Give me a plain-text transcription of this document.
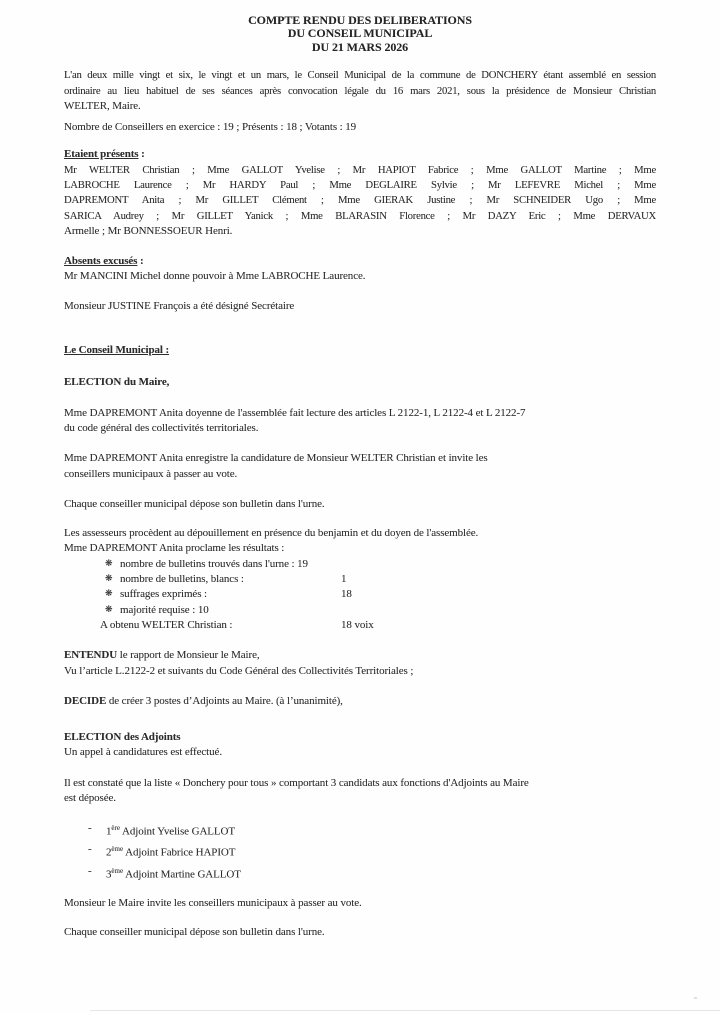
COMPTE RENDU DES DELIBERATIONS
DU CONSEIL MUNICIPAL
DU 21 MARS 2026
L'an deux mille vingt et six, le vingt et un mars, le Conseil Municipal de la commune de DONCHERY étant assemblé en session
ordinaire au lieu habituel de ses séances après convocation légale du 16 mars 2021, sous la présidence de Monsieur Christian
WELTER, Maire.
Nombre de Conseillers en exercice : 19 ; Présents : 18 ; Votants : 19
Etaient présents :
Mr WELTER Christian ; Mme GALLOT Yvelise ; Mr HAPIOT Fabrice ; Mme GALLOT Martine ; Mme
LABROCHE Laurence ; Mr HARDY Paul ; Mme DEGLAIRE Sylvie ; Mr LEFEVRE Michel ; Mme
DAPREMONT Anita ; Mr GILLET Clément ; Mme GIERAK Justine ; Mr SCHNEIDER Ugo ; Mme
SARICA Audrey ; Mr GILLET Yanick ; Mme BLARASIN Florence ; Mr DAZY Eric ; Mme DERVAUX
Armelle ; Mr BONNESSOEUR Henri.
Absents excusés :
Mr MANCINI Michel donne pouvoir à Mme LABROCHE Laurence.
Monsieur JUSTINE François a été désigné Secrétaire
Le Conseil Municipal :
ELECTION du Maire,
Mme DAPREMONT Anita doyenne de l'assemblée fait lecture des articles L 2122-1, L 2122-4 et L 2122-7
du code général des collectivités territoriales.
Mme DAPREMONT Anita enregistre la candidature de Monsieur WELTER Christian et invite les
conseillers municipaux à passer au vote.
Chaque conseiller municipal dépose son bulletin dans l'urne.
Les assesseurs procèdent au dépouillement en présence du benjamin et du doyen de l'assemblée.
Mme DAPREMONT Anita proclame les résultats :
❋ nombre de bulletins trouvés dans l'urne : 19
❋ nombre de bulletins, blancs :	1
❋ suffrages exprimés :	18
❋ majorité requise : 10
A obtenu WELTER Christian :	18 voix
ENTENDU le rapport de Monsieur le Maire,
Vu l’article L.2122-2 et suivants du Code Général des Collectivités Territoriales ;
DECIDE de créer 3 postes d’Adjoints au Maire. (à l’unanimité),
ELECTION des Adjoints
Un appel à candidatures est effectué.
Il est constaté que la liste « Donchery pour tous » comportant 3 candidats aux fonctions d'Adjoints au Maire
est déposée.
- 1ère Adjoint Yvelise GALLOT
- 2ème Adjoint Fabrice HAPIOT
- 3ème Adjoint Martine GALLOT
Monsieur le Maire invite les conseillers municipaux à passer au vote.
Chaque conseiller municipal dépose son bulletin dans l'urne.
